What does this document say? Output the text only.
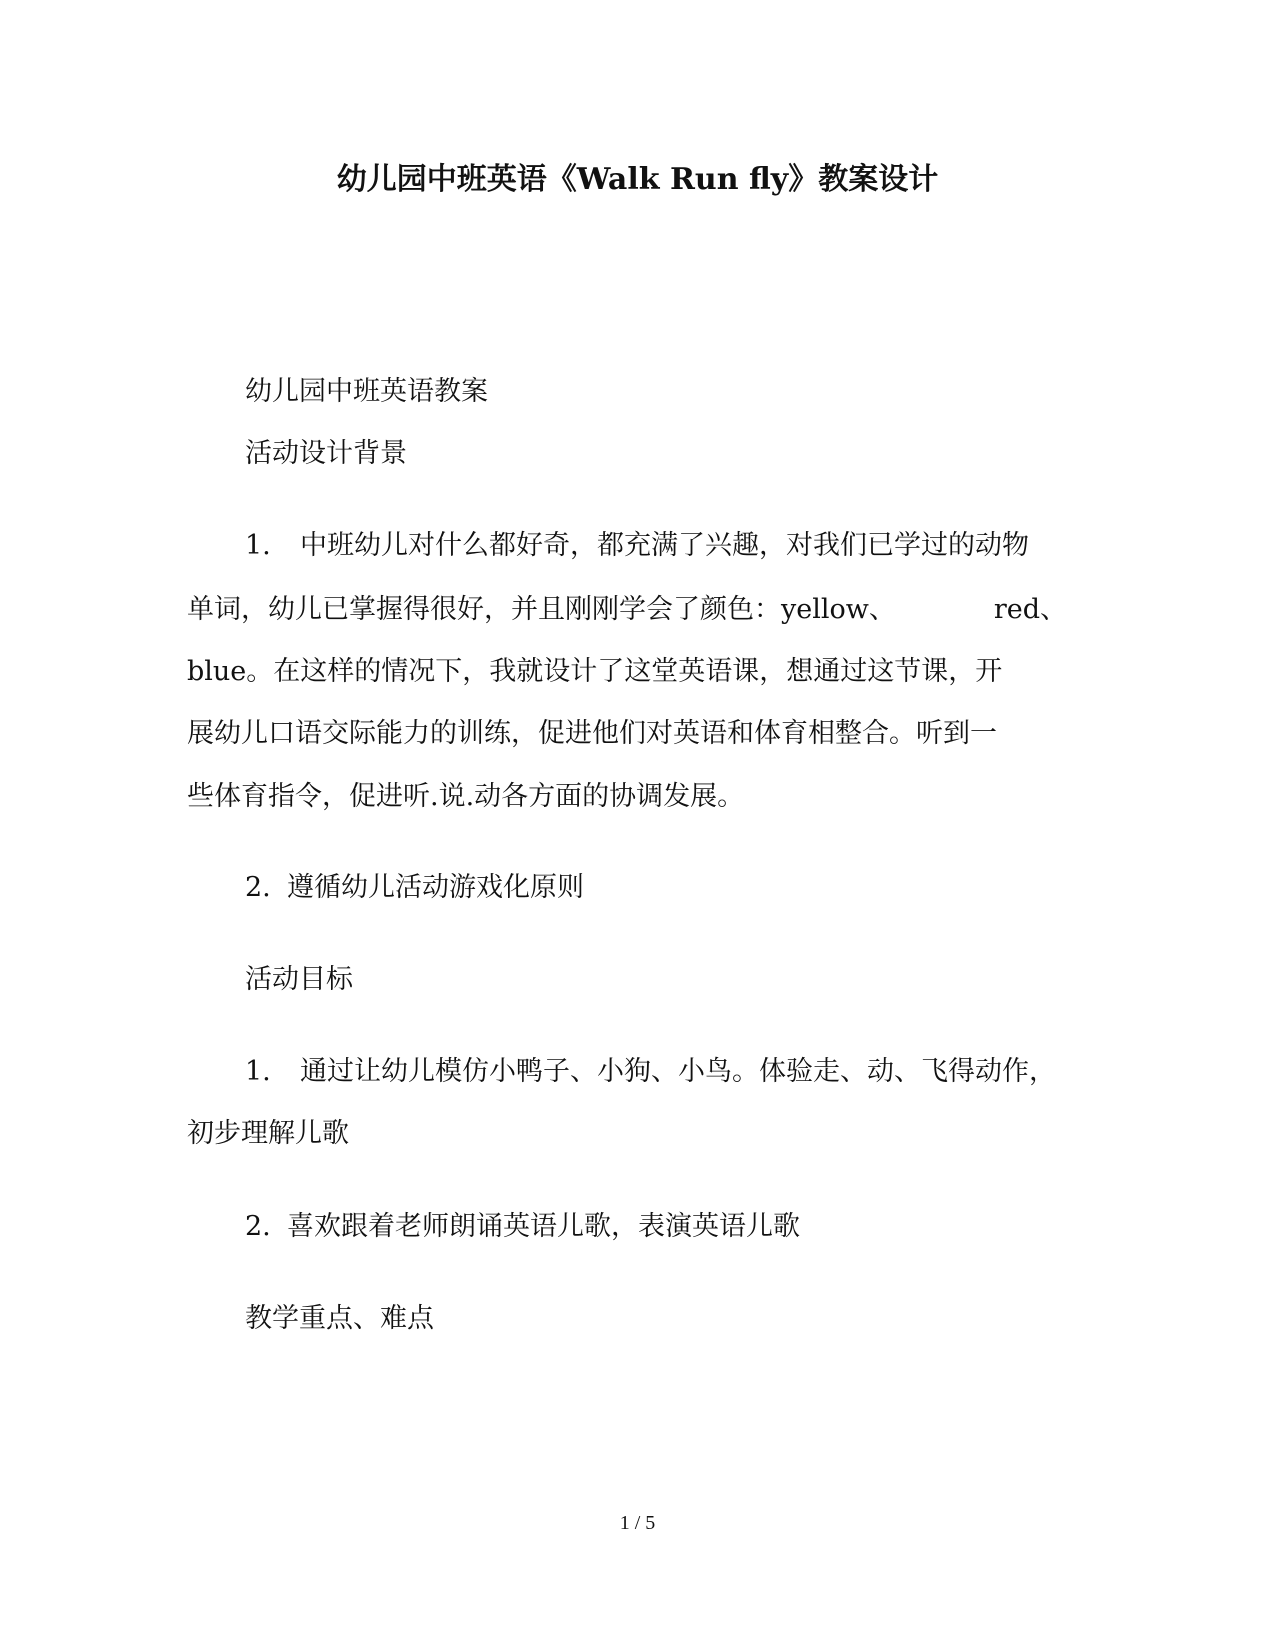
幼儿园中班英语《Walk Run fly》教案设计
幼儿园中班英语教案
活动设计背景
1. 中班幼儿对什么都好奇，都充满了兴趣，对我们已学过的动物
单词，幼儿已掌握得很好，并且刚刚学会了颜色：yellow、	red、
blue。在这样的情况下，我就设计了这堂英语课，想通过这节课，开
展幼儿口语交际能力的训练，促进他们对英语和体育相整合。听到一
些体育指令，促进听.说.动各方面的协调发展。
2. 遵循幼儿活动游戏化原则
活动目标
1. 通过让幼儿模仿小鸭子、小狗、小鸟。体验走、动、飞得动作，
初步理解儿歌
2. 喜欢跟着老师朗诵英语儿歌，表演英语儿歌
教学重点、难点
1 / 5
